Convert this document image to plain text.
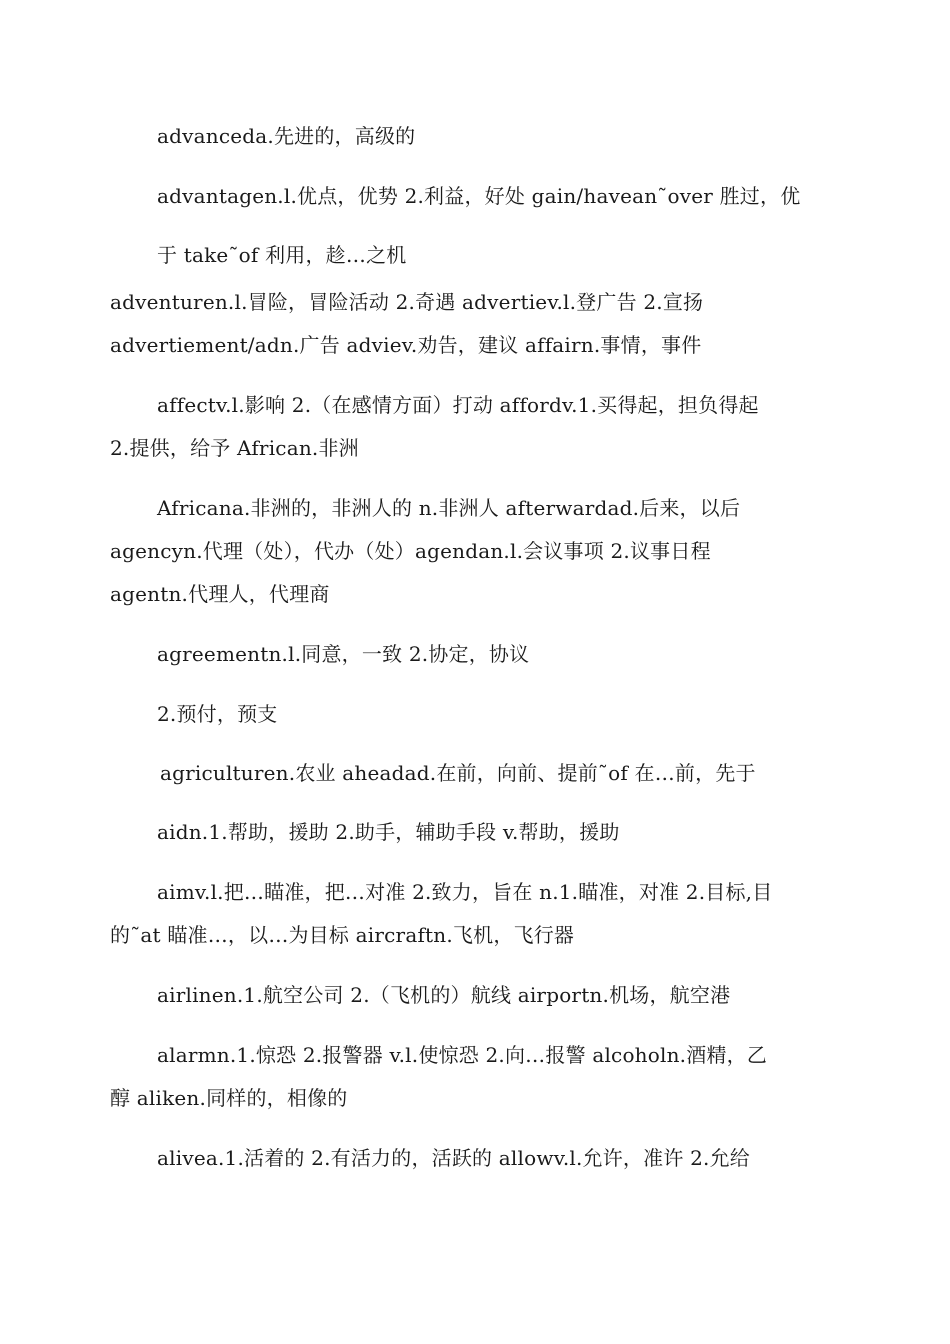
advanceda.先进的，高级的
advantagen.l.优点，优势 2.利益，好处 gain/havean˜over 胜过，优
于 take˜of 利用，趁…之机
adventuren.l.冒险，冒险活动 2.奇遇 advertiev.l.登广告 2.宣扬
advertiement/adn.广告 adviev.劝告，建议 affairn.事情，事件
affectv.l.影响 2.（在感情方面）打动 affordv.1.买得起，担负得起
2.提供，给予 African.非洲
Africana.非洲的，非洲人的 n.非洲人 afterwardad.后来，以后
agencyn.代理（处），代办（处）agendan.l.会议事项 2.议事日程
agentn.代理人，代理商
agreementn.l.同意，一致 2.协定，协议
2.预付，预支
agriculturen.农业 aheadad.在前，向前、提前˜of 在…前，先于
aidn.1.帮助，援助 2.助手，辅助手段 v.帮助，援助
aimv.l.把…瞄准，把…对准 2.致力，旨在 n.1.瞄准，对准 2.目标,目
的˜at 瞄准…，以…为目标 aircraftn.飞机，飞行器
airlinen.1.航空公司 2.（飞机的）航线 airportn.机场，航空港
alarmn.1.惊恐 2.报警器 v.l.使惊恐 2.向…报警 alcoholn.酒精，乙
醇 aliken.同样的，相像的
alivea.1.活着的 2.有活力的，活跃的 allowv.l.允许，准许 2.允给
